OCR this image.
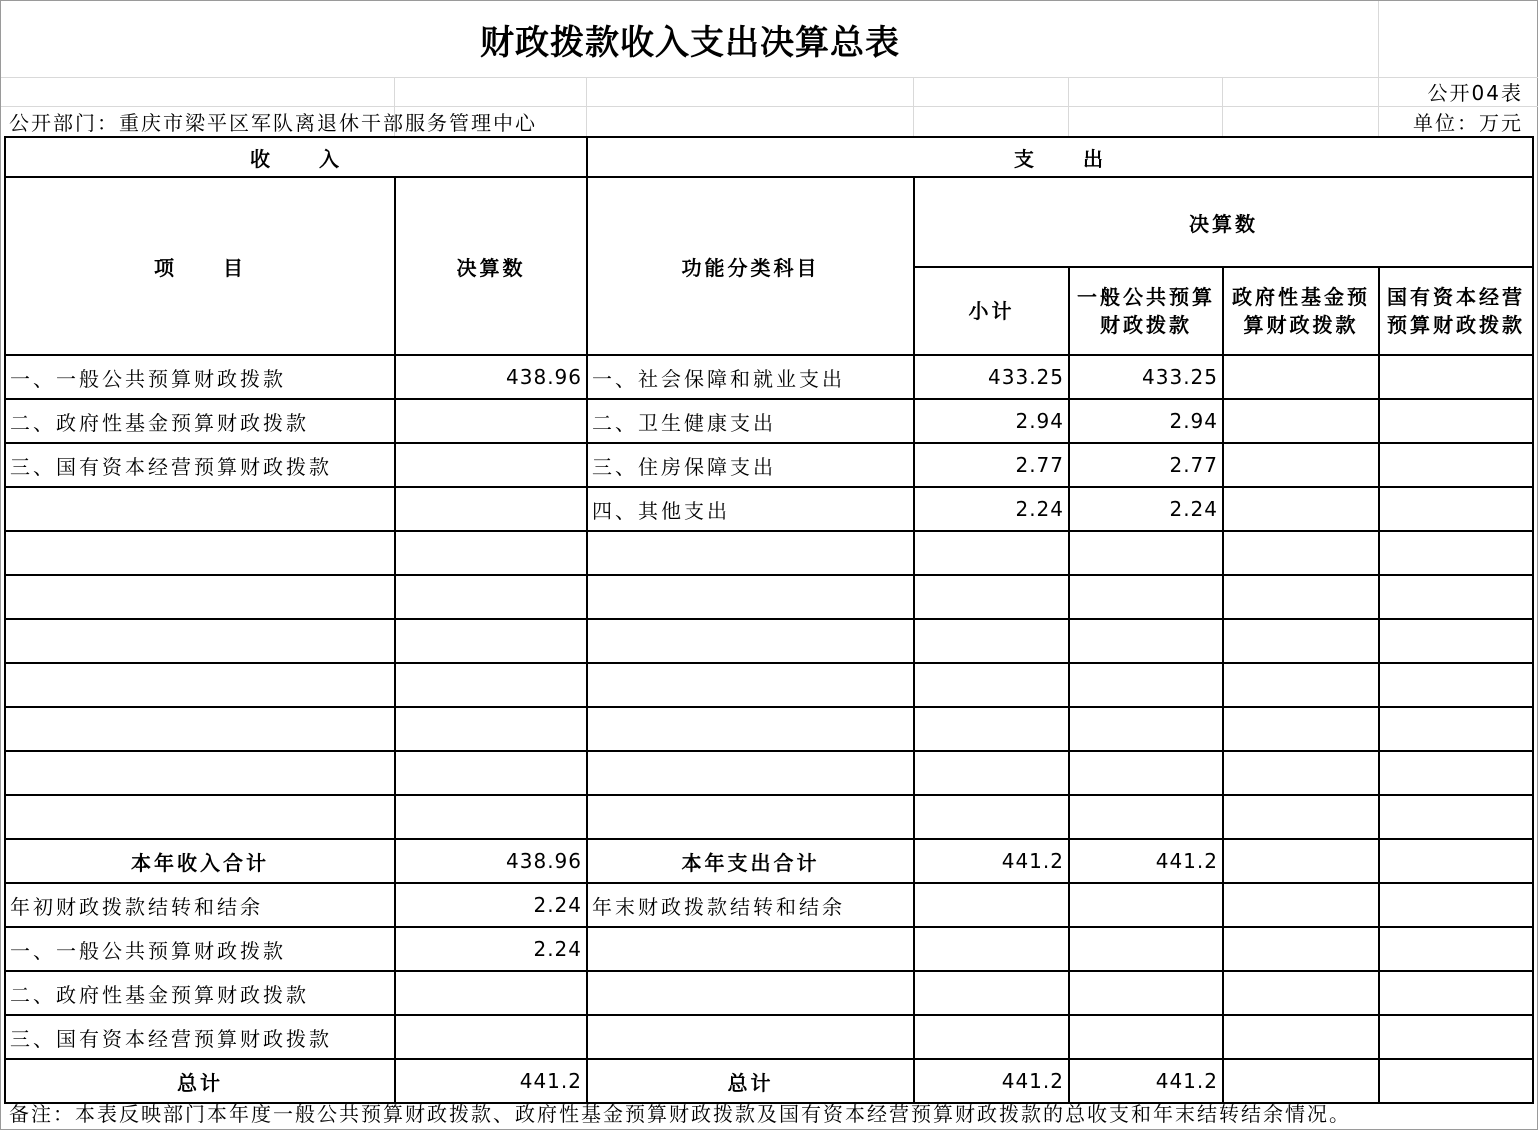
财政拨款收入支出决算总表
公开04表
公开部门：重庆市梁平区军队离退休干部服务管理中心	单位：万元
收　　入		支　　出				
项　　目	决算数	功能分类科目	决算数			
			小计	一般公共预算财政拨款	政府性基金预算财政拨款	国有资本经营预算财政拨款
一、一般公共预算财政拨款	438.96	一、社会保障和就业支出	433.25	433.25		
二、政府性基金预算财政拨款		二、卫生健康支出	2.94	2.94		
三、国有资本经营预算财政拨款		三、住房保障支出	2.77	2.77		
		四、其他支出	2.24	2.24		

本年收入合计	438.96	本年支出合计	441.2	441.2		
年初财政拨款结转和结余	2.24	年末财政拨款结转和结余				
一、一般公共预算财政拨款	2.24					
二、政府性基金预算财政拨款						
三、国有资本经营预算财政拨款						
总计	441.2	总计	441.2	441.2		
备注：本表反映部门本年度一般公共预算财政拨款、政府性基金预算财政拨款及国有资本经营预算财政拨款的总收支和年末结转结余情况。
